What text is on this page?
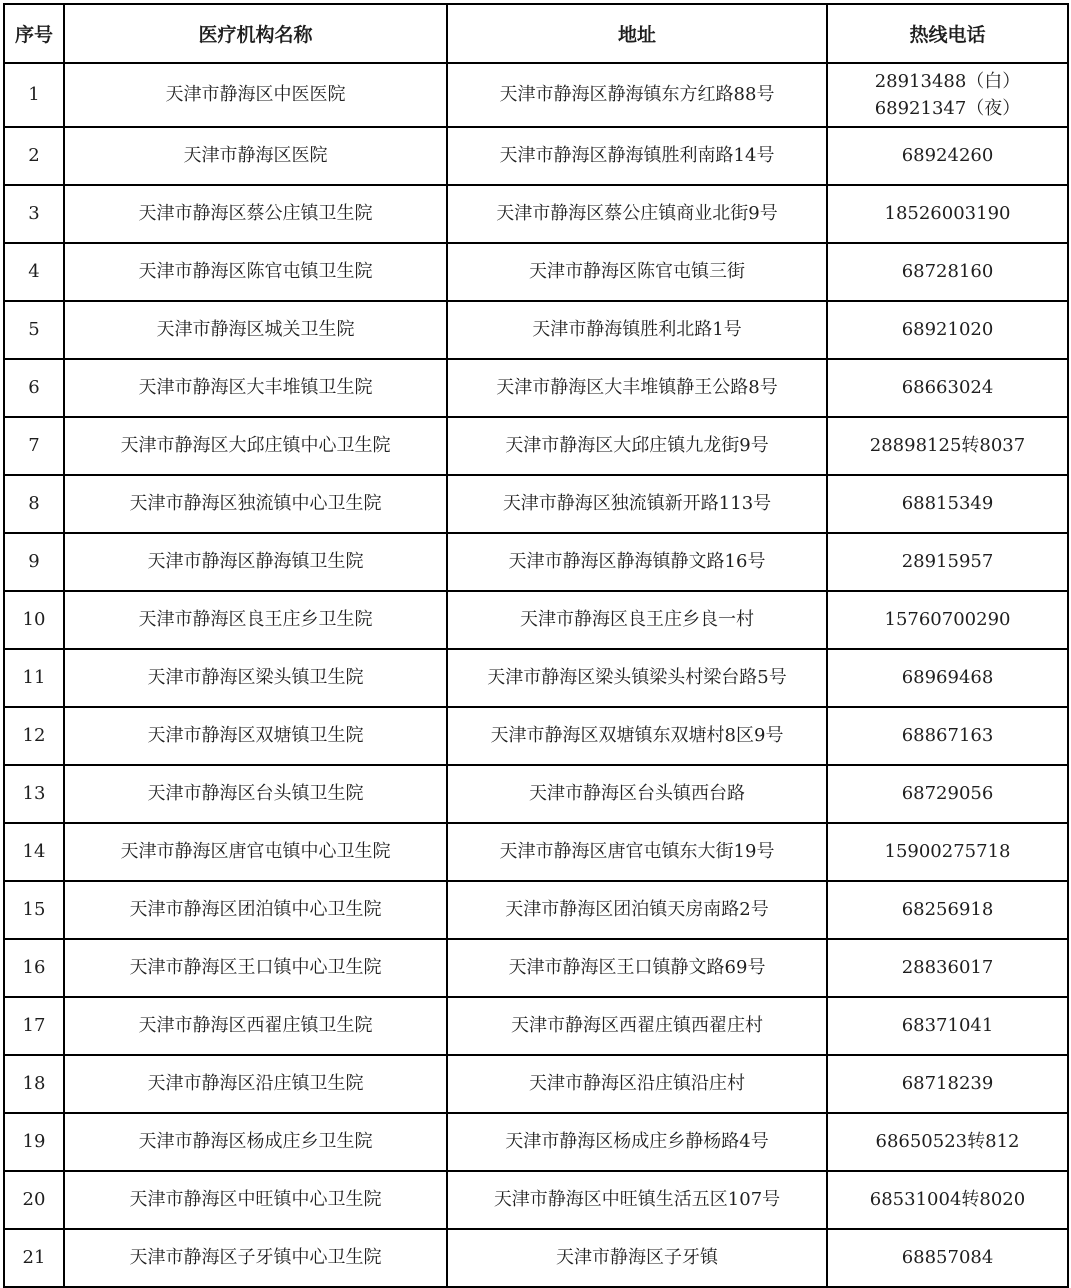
序号	医疗机构名称	地址	热线电话
1	天津市静海区中医医院	天津市静海区静海镇东方红路88号	28913488（白）
68921347（夜）

2	天津市静海区医院	天津市静海区静海镇胜利南路14号	68924260
3	天津市静海区蔡公庄镇卫生院	天津市静海区蔡公庄镇商业北街9号	18526003190
4	天津市静海区陈官屯镇卫生院	天津市静海区陈官屯镇三街	68728160
5	天津市静海区城关卫生院	天津市静海镇胜利北路1号	68921020
6	天津市静海区大丰堆镇卫生院	天津市静海区大丰堆镇静王公路8号	68663024
7	天津市静海区大邱庄镇中心卫生院	天津市静海区大邱庄镇九龙街9号	28898125转8037
8	天津市静海区独流镇中心卫生院	天津市静海区独流镇新开路113号	68815349
9	天津市静海区静海镇卫生院	天津市静海区静海镇静文路16号	28915957
10	天津市静海区良王庄乡卫生院	天津市静海区良王庄乡良一村	15760700290
11	天津市静海区梁头镇卫生院	天津市静海区梁头镇梁头村梁台路5号	68969468
12	天津市静海区双塘镇卫生院	天津市静海区双塘镇东双塘村8区9号	68867163
13	天津市静海区台头镇卫生院	天津市静海区台头镇西台路	68729056
14	天津市静海区唐官屯镇中心卫生院	天津市静海区唐官屯镇东大街19号	15900275718
15	天津市静海区团泊镇中心卫生院	天津市静海区团泊镇天房南路2号	68256918
16	天津市静海区王口镇中心卫生院	天津市静海区王口镇静文路69号	28836017
17	天津市静海区西翟庄镇卫生院	天津市静海区西翟庄镇西翟庄村	68371041
18	天津市静海区沿庄镇卫生院	天津市静海区沿庄镇沿庄村	68718239
19	天津市静海区杨成庄乡卫生院	天津市静海区杨成庄乡静杨路4号	68650523转812
20	天津市静海区中旺镇中心卫生院	天津市静海区中旺镇生活五区107号	68531004转8020
21	天津市静海区子牙镇中心卫生院	天津市静海区子牙镇	68857084
